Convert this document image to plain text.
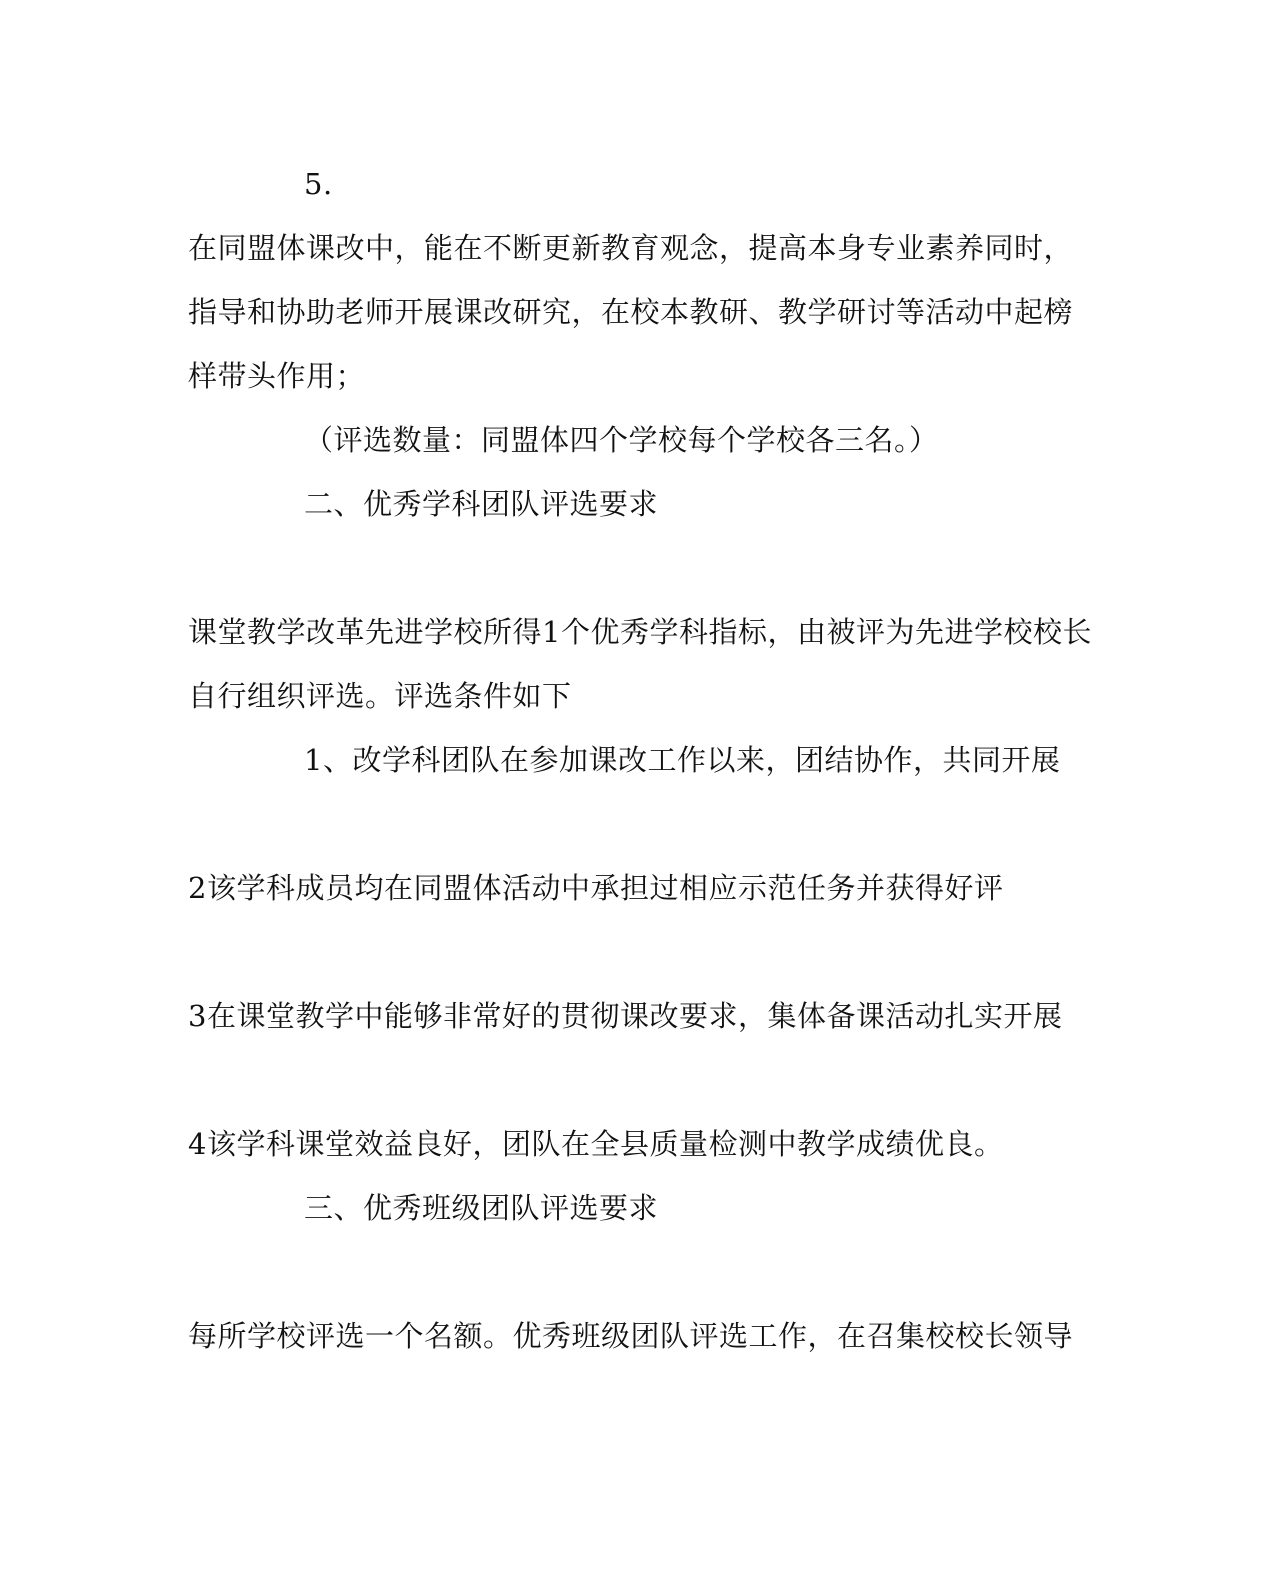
5.
在同盟体课改中，能在不断更新教育观念，提高本身专业素养同时，
指导和协助老师开展课改研究，在校本教研、教学研讨等活动中起榜
样带头作用；
（评选数量：同盟体四个学校每个学校各三名。）
二、优秀学科团队评选要求
课堂教学改革先进学校所得1个优秀学科指标，由被评为先进学校校长
自行组织评选。评选条件如下
1、改学科团队在参加课改工作以来，团结协作，共同开展
2该学科成员均在同盟体活动中承担过相应示范任务并获得好评
3在课堂教学中能够非常好的贯彻课改要求，集体备课活动扎实开展
4该学科课堂效益良好，团队在全县质量检测中教学成绩优良。
三、优秀班级团队评选要求
每所学校评选一个名额。优秀班级团队评选工作，在召集校校长领导
